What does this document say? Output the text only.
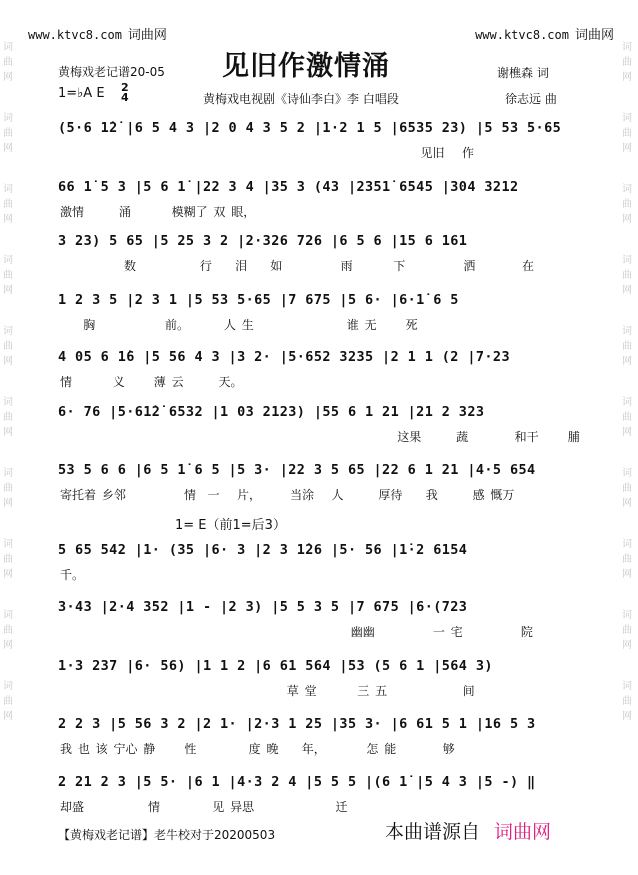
词曲网
词曲网
词曲网
词曲网
词曲网
词曲网
词曲网
词曲网
词曲网
词曲网
词曲网
词曲网
词曲网
词曲网
词曲网
词曲网
词曲网
词曲网
词曲网
词曲网
www.ktvc8.com 词曲网	www.ktvc8.com 词曲网
黄梅戏老记谱20-05 见旧作激情涌
1=♭A E 2
4	黄梅戏电视剧《诗仙李白》李 白唱段
谢樵森 词
徐志远 曲
(5·6 1̇2̇ |6 5 4 3 |2 0 4 3 5 2 |1·2 1 5 |6535 23) |5 53 5·65
见旧   作
66 1̇ 5 3 |5 6 1̇ |22 3 4 |35 3 (43 |2351̇ 6545 |304 3212
激情      涌       模糊了 双 眼，
3 23) 5 65 |5 25 3 2 |2·326 726 |6 5 6 |15 6 161
数           行    泪    如          雨       下          洒        在
1 2 3 5 |2 3 1 |5 53 5·65 |7 675 |5 6· |6·1̇ 6 5
胸            前。      人 生                谁 无     死
4 05 6 1̇6 |5 56 4 3 |3 2· |5·652 3235 |2 1 1 (2 |7·23
情       义     薄 云      天。
6· 76 |5·61̇2̇ 6532 |1 03 2123) |55 6 1 21 |21 2 323
这果      蔬        和干     脯
53 5 6 6 |6 5 1̇ 6 5 |5 3· |22 3 5 65 |22 6 1 21 |4·5 654
寄托着 乡邻          情  一   片，     当涂   人      厚待    我      感 慨万
1= E（前1=后3）
5 65 542 |1· (35 |6· 3 |2 3 1̇26 |5· 56 |1̇·2 6154
千。
3·43 |2·4 352 |1 - |2 3) |5 5 3 5 |7 675 |6·(723
幽幽          一 宅          院
1·3 237 |6· 56) |1 1 2 |6 61 564 |53 (5 6 1 |564 3)
草 堂       三 五             间
2 2 3 |5 56 3 2 |2 1· |2·3 1 25 |35 3· |6 61 5 1 |16 5 3
我 也 该 宁心 静     性         度 晚    年，       怎 能        够
2 21 2 3 |5 5· |6 1 |4·3 2 4 |5 5 5 |(6 1̇ |5 4 3 |5 -) ‖
却盛           情         见 异思              迁
【黄梅戏老记谱】老牛校对于20200503	本曲谱源自 词曲网
